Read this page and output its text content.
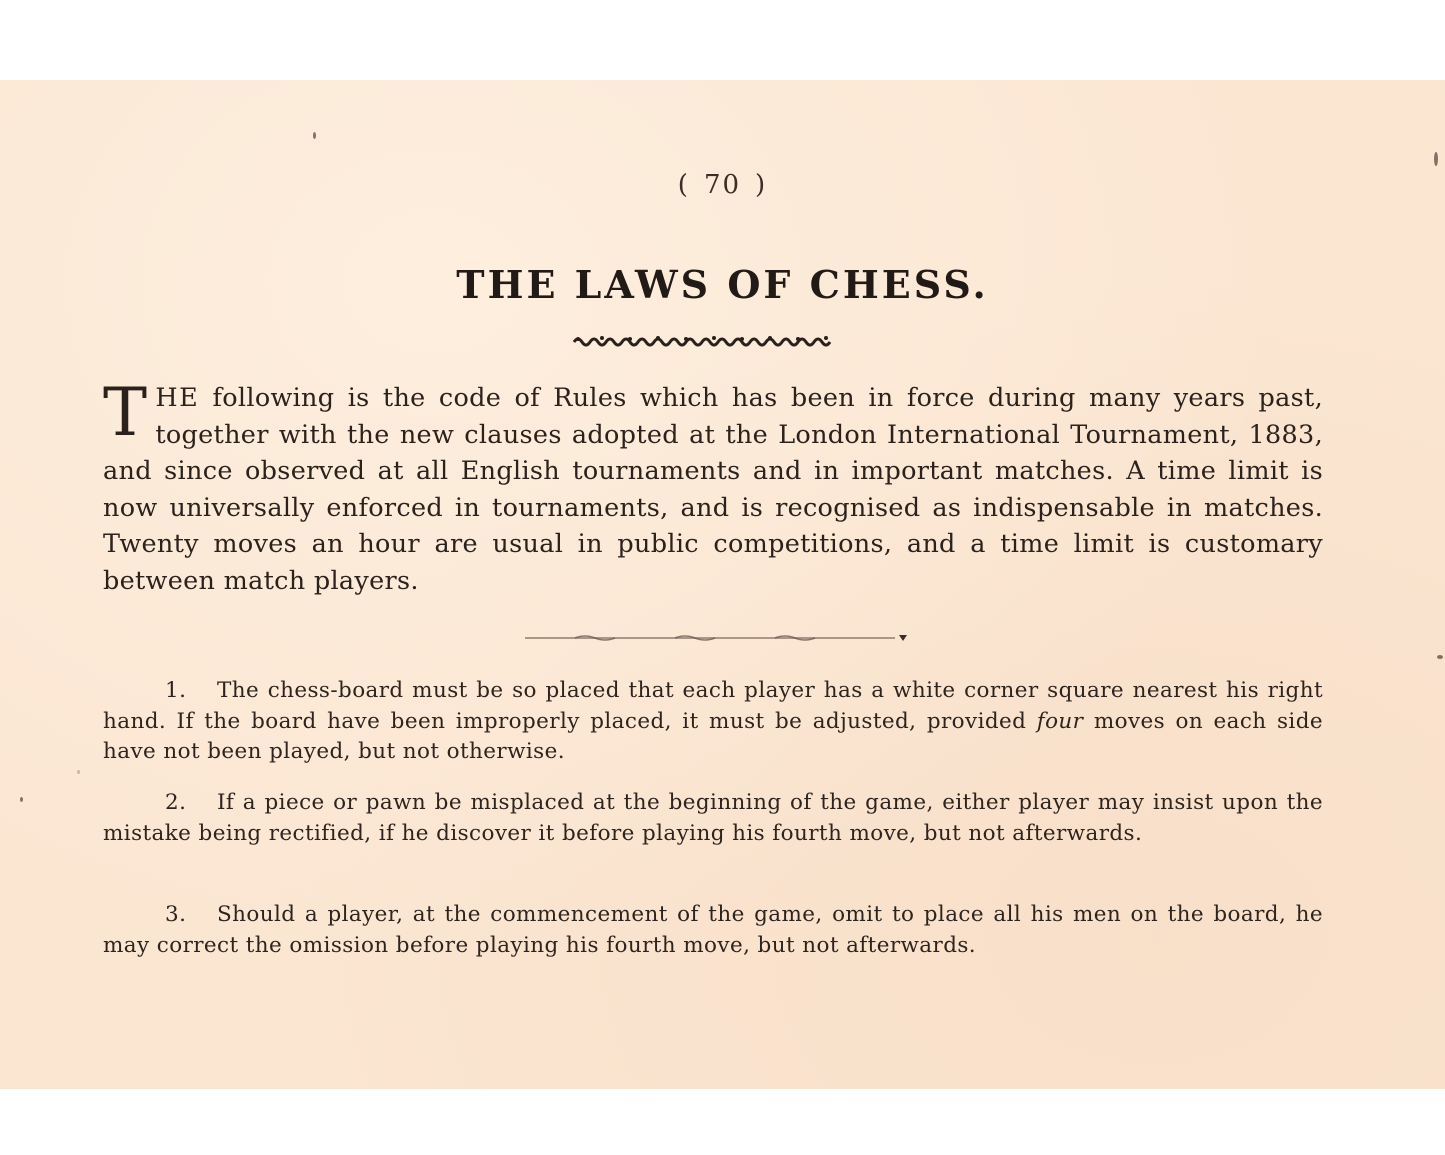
( 70 )
THE LAWS OF CHESS.
THE following is the code of Rules which has been in force during many years past, together with the new clauses adopted at the London International Tournament, 1883, and since observed at all English tournaments and in important matches. A time limit is now universally enforced in tournaments, and is recognised as indispensable in matches. Twenty moves an hour are usual in public competitions, and a time limit is customary between match players.
1. The chess-board must be so placed that each player has a white corner square nearest his right hand. If the board have been improperly placed, it must be adjusted, provided four moves on each side have not been played, but not otherwise.
2. If a piece or pawn be misplaced at the beginning of the game, either player may insist upon the mistake being rectified, if he discover it before playing his fourth move, but not afterwards.
3. Should a player, at the commencement of the game, omit to place all his men on the board, he may correct the omission before playing his fourth move, but not afterwards.
